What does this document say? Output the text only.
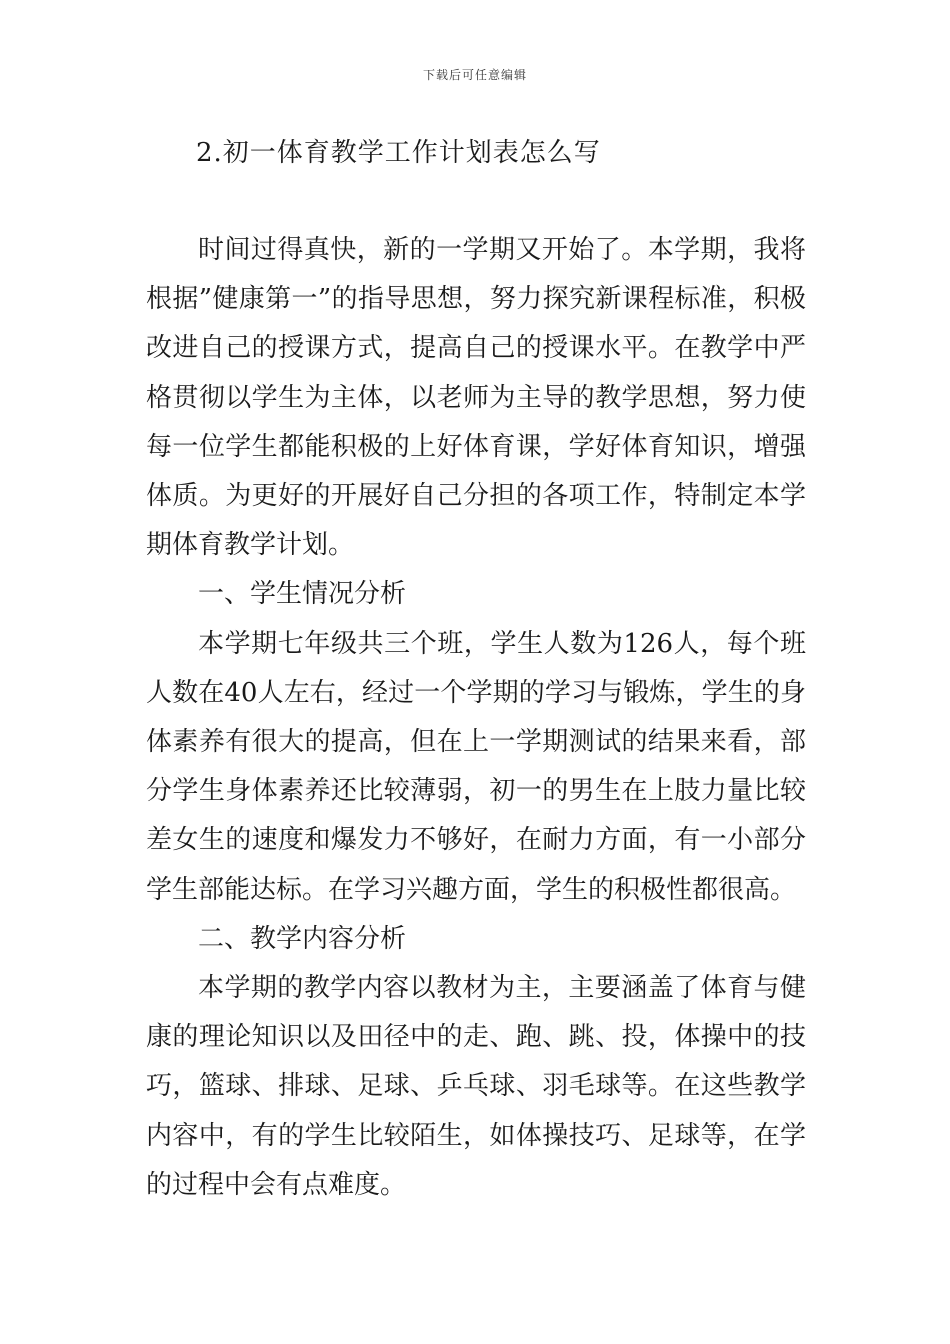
下载后可任意编辑
2.初一体育教学工作计划表怎么写

时间过得真快，新的一学期又开始了。本学期，我将根据”健康第一”的指导思想，努力探究新课程标准，积极改进自己的授课方式，提高自己的授课水平。在教学中严格贯彻以学生为主体，以老师为主导的教学思想，努力使每一位学生都能积极的上好体育课，学好体育知识，增强体质。为更好的开展好自己分担的各项工作，特制定本学期体育教学计划。

一、学生情况分析

本学期七年级共三个班，学生人数为126人，每个班人数在40人左右，经过一个学期的学习与锻炼，学生的身体素养有很大的提高，但在上一学期测试的结果来看，部分学生身体素养还比较薄弱，初一的男生在上肢力量比较差女生的速度和爆发力不够好，在耐力方面，有一小部分学生部能达标。在学习兴趣方面，学生的积极性都很高。

二、教学内容分析

本学期的教学内容以教材为主，主要涵盖了体育与健康的理论知识以及田径中的走、跑、跳、投，体操中的技巧，篮球、排球、足球、乒乓球、羽毛球等。在这些教学内容中，有的学生比较陌生，如体操技巧、足球等，在学的过程中会有点难度。
